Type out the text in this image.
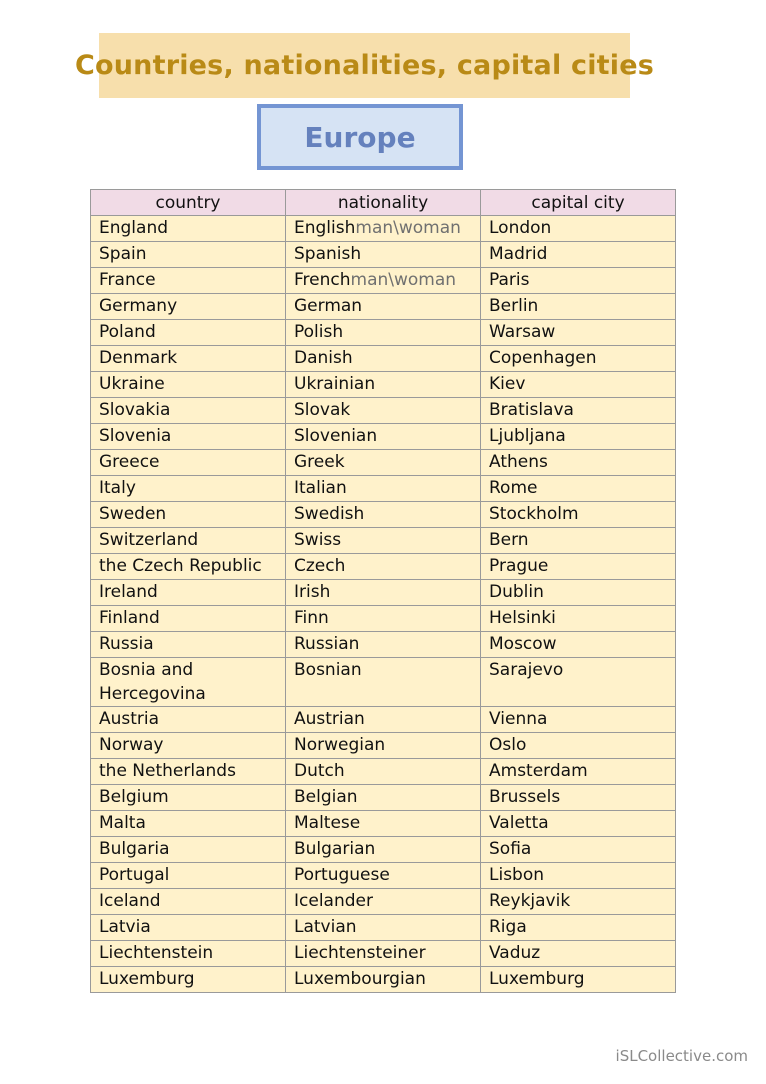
Countries, nationalities, capital cities
Europe
country	nationality	capital city
England	Englishman\woman	London
Spain	Spanish	Madrid
France	Frenchman\woman	Paris
Germany	German	Berlin
Poland	Polish	Warsaw
Denmark	Danish	Copenhagen
Ukraine	Ukrainian	Kiev
Slovakia	Slovak	Bratislava
Slovenia	Slovenian	Ljubljana
Greece	Greek	Athens
Italy	Italian	Rome
Sweden	Swedish	Stockholm
Switzerland	Swiss	Bern
the Czech Republic	Czech	Prague
Ireland	Irish	Dublin
Finland	Finn	Helsinki
Russia	Russian	Moscow
Bosnia and Hercegovina	Bosnian	Sarajevo
Austria	Austrian	Vienna
Norway	Norwegian	Oslo
the Netherlands	Dutch	Amsterdam
Belgium	Belgian	Brussels
Malta	Maltese	Valetta
Bulgaria	Bulgarian	Sofia
Portugal	Portuguese	Lisbon
Iceland	Icelander	Reykjavik
Latvia	Latvian	Riga
Liechtenstein	Liechtensteiner	Vaduz
Luxemburg	Luxembourgian	Luxemburg
iSLCollective.com
